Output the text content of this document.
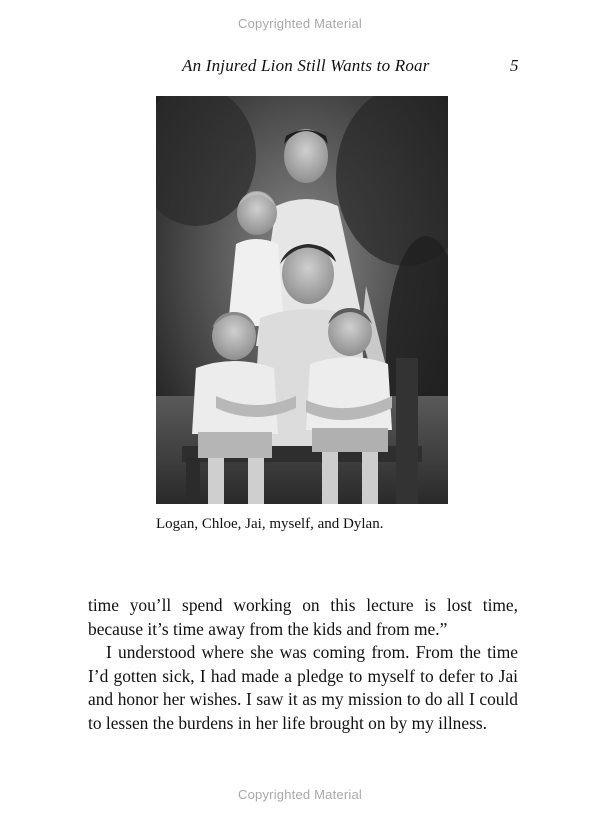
Copyrighted Material
An Injured Lion Still Wants to Roar	5
Logan, Chloe, Jai, myself, and Dylan.

time you’ll spend working on this lecture is lost time, because it’s time away from the kids and from me.”

I understood where she was coming from. From the time I’d gotten sick, I had made a pledge to myself to defer to Jai and honor her wishes. I saw it as my mission to do all I could to lessen the burdens in her life brought on by my illness.

Copyrighted Material
